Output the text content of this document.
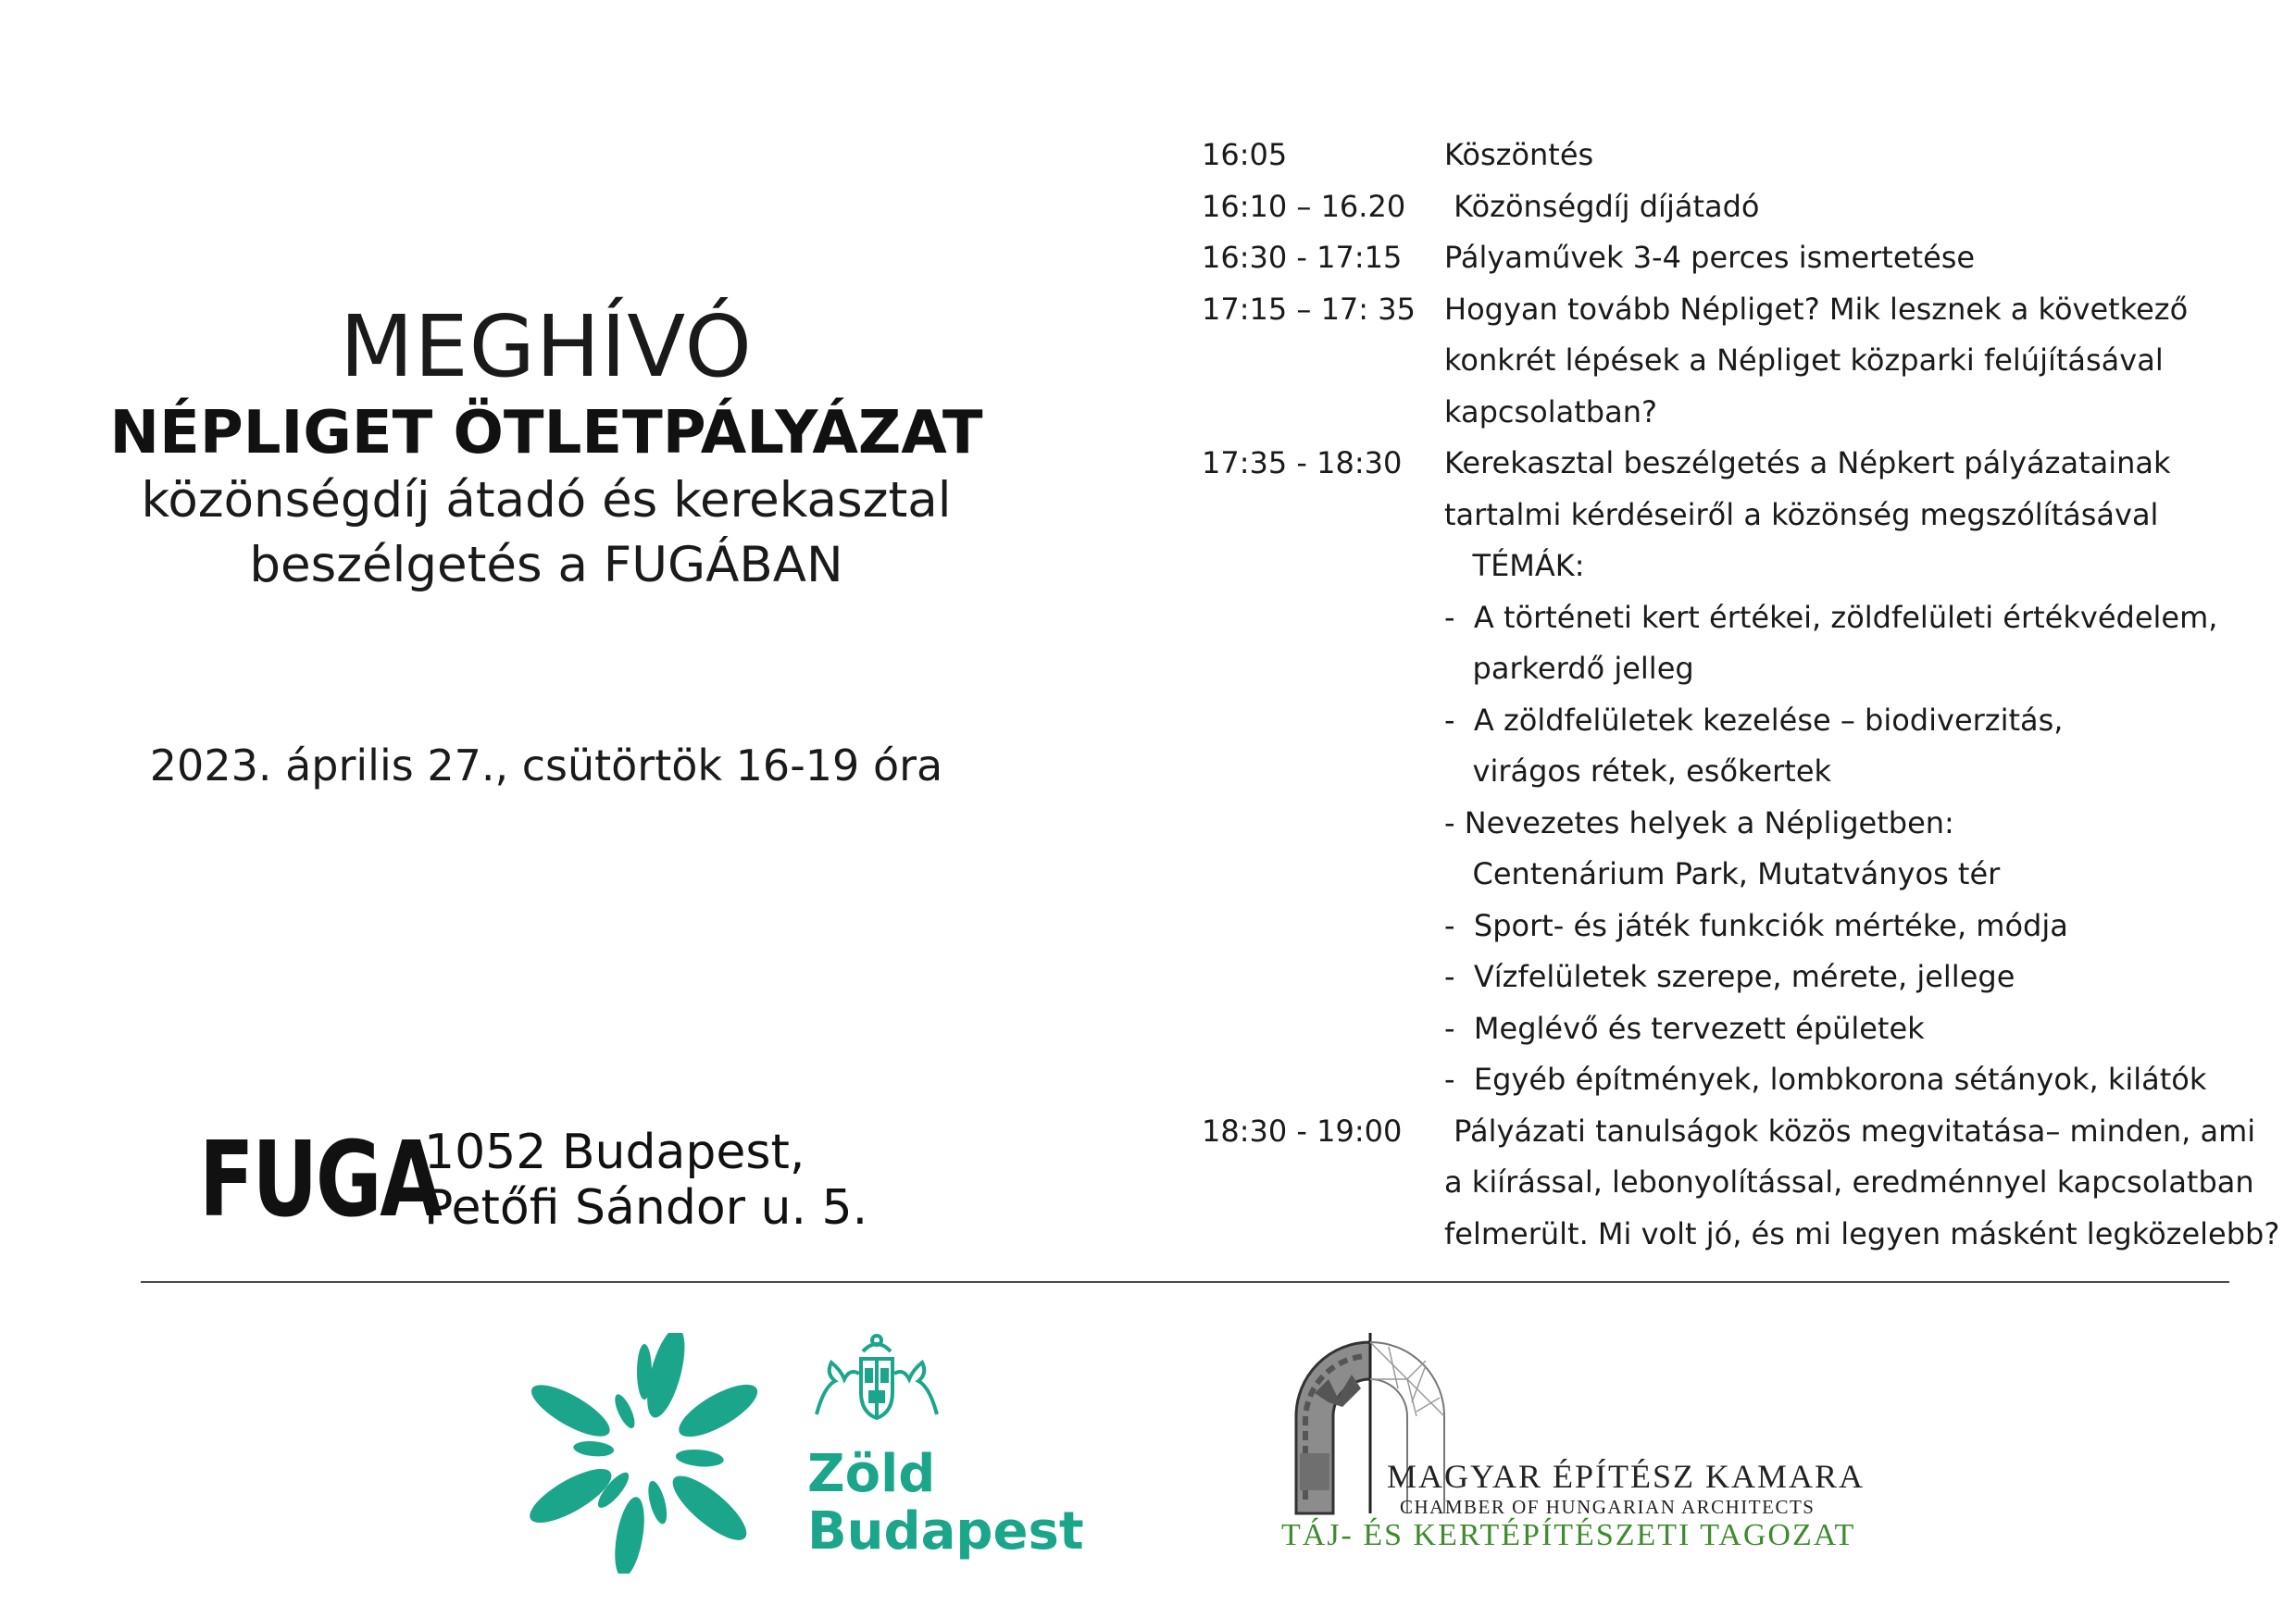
MEGHÍVÓ
NÉPLIGET ÖTLETPÁLYÁZAT
közönségdíj átadó és kerekasztal
beszélgetés a FUGÁBAN
2023. április 27., csütörtök 16-19 óra
FUGA
1052 Budapest,
Petőfi Sándor u. 5.
16:05	Köszöntés
16:10 – 16.20	Közönségdíj díjátadó
16:30 - 17:15	Pályaművek 3-4 perces ismertetése
17:15 – 17: 35 Hogyan tovább Népliget? Mik lesznek a következő
konkrét lépések a Népliget közparki felújításával
kapcsolatban?
17:35 - 18:30	Kerekasztal beszélgetés a Népkert pályázatainak
tartalmi kérdéseiről a közönség megszólításával
TÉMÁK:
-  A történeti kert értékei, zöldfelületi értékvédelem,
parkerdő jelleg
-  A zöldfelületek kezelése – biodiverzitás,
virágos rétek, esőkertek
- Nevezetes helyek a Népligetben:
Centenárium Park, Mutatványos tér
-  Sport- és játék funkciók mértéke, módja
-  Vízfelületek szerepe, mérete, jellege
-  Meglévő és tervezett épületek
-  Egyéb építmények, lombkorona sétányok, kilátók
18:30 - 19:00	Pályázati tanulságok közös megvitatása– minden, ami
a kiírással, lebonyolítással, eredménnyel kapcsolatban
felmerült. Mi volt jó, és mi legyen másként legközelebb?
Zöld
Budapest
MAGYAR ÉPÍTÉSZ KAMARA
CHAMBER OF HUNGARIAN ARCHITECTS
TÁJ- ÉS KERTÉPÍTÉSZETI TAGOZAT
